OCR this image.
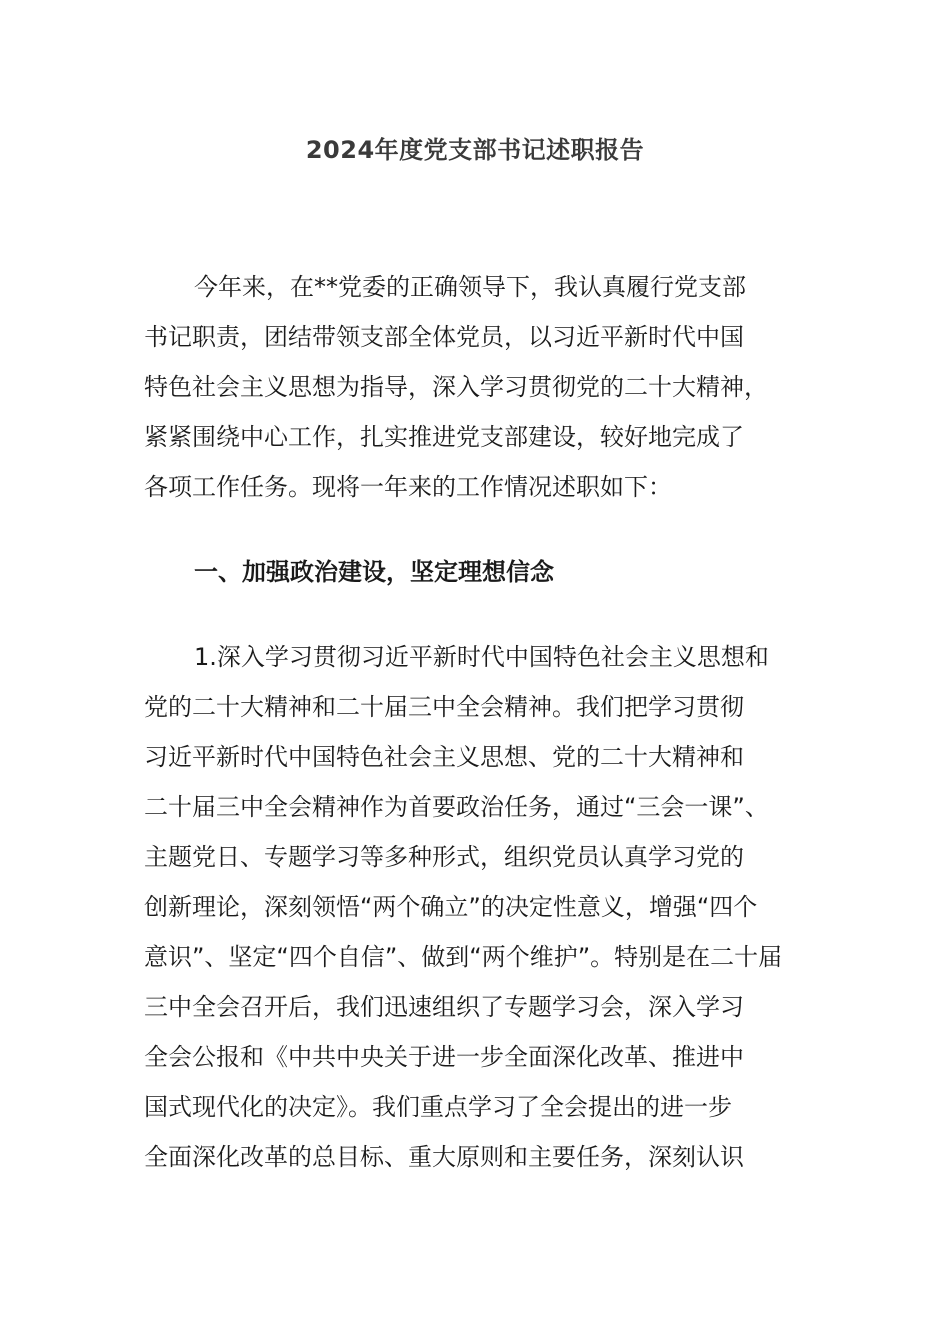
2024年度党支部书记述职报告
今年来，在**党委的正确领导下，我认真履行党支部
书记职责，团结带领支部全体党员，以习近平新时代中国
特色社会主义思想为指导，深入学习贯彻党的二十大精神，
紧紧围绕中心工作，扎实推进党支部建设，较好地完成了
各项工作任务。现将一年来的工作情况述职如下：
一、加强政治建设，坚定理想信念
1.深入学习贯彻习近平新时代中国特色社会主义思想和
党的二十大精神和二十届三中全会精神。我们把学习贯彻
习近平新时代中国特色社会主义思想、党的二十大精神和
二十届三中全会精神作为首要政治任务，通过“三会一课”、
主题党日、专题学习等多种形式，组织党员认真学习党的
创新理论，深刻领悟“两个确立”的决定性意义，增强“四个
意识”、坚定“四个自信”、做到“两个维护”。特别是在二十届
三中全会召开后，我们迅速组织了专题学习会，深入学习
全会公报和《中共中央关于进一步全面深化改革、推进中
国式现代化的决定》。我们重点学习了全会提出的进一步
全面深化改革的总目标、重大原则和主要任务，深刻认识
